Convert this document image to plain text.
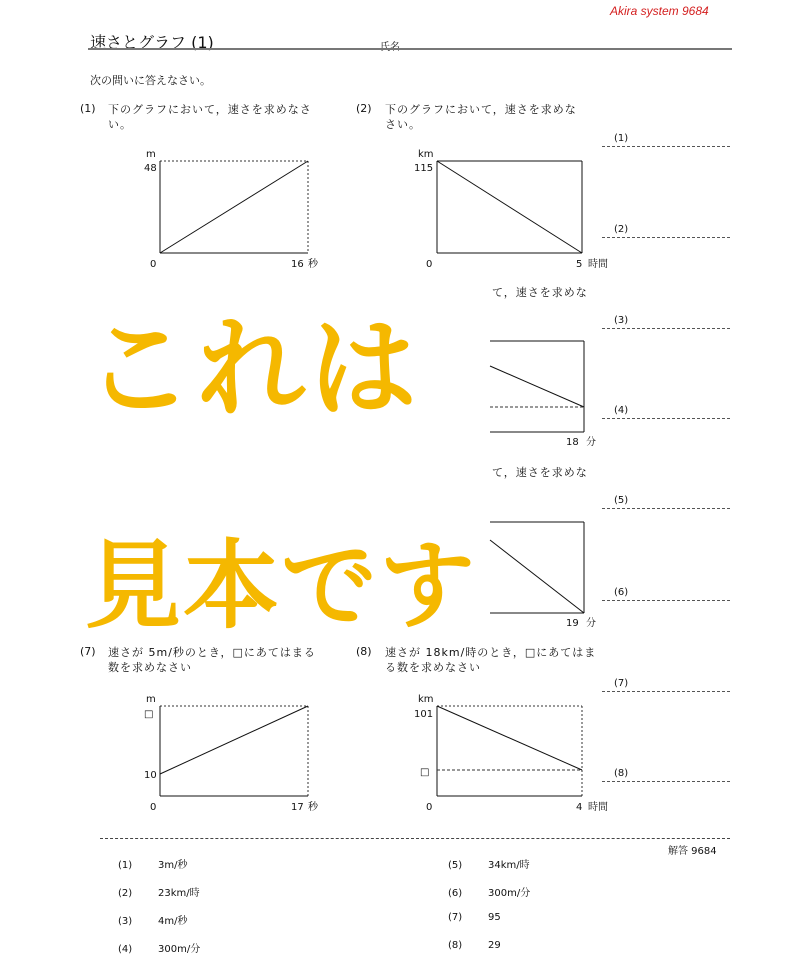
Akira system 9684
速さとグラフ (1)	氏名
次の問いに答えなさい。
(1) 下のグラフにおいて，速さを求めなさ
い。
(2) 下のグラフにおいて，速さを求めな
さい。
て，速さを求めな
て，速さを求めな
(7) 速さが 5m/秒のとき，□にあてはまる
数を求めなさい
(8) 速さが 18km/時のとき，□にあてはま
る数を求めなさい
m
48
0	16 秒
km
115
0	5 時間
18 分
19 分
m
□
10
0	17 秒
km
101
□
0	4 時間
(1)
(2)
(3)
(4)
(5)
(6)
(7)
(8)
これは
見本です
解答 9684
(1)	3m/秒
(2)	23km/時
(3)	4m/秒
(4)	300m/分
(5)	34km/時
(6)	300m/分
(7)	95
(8)	29
